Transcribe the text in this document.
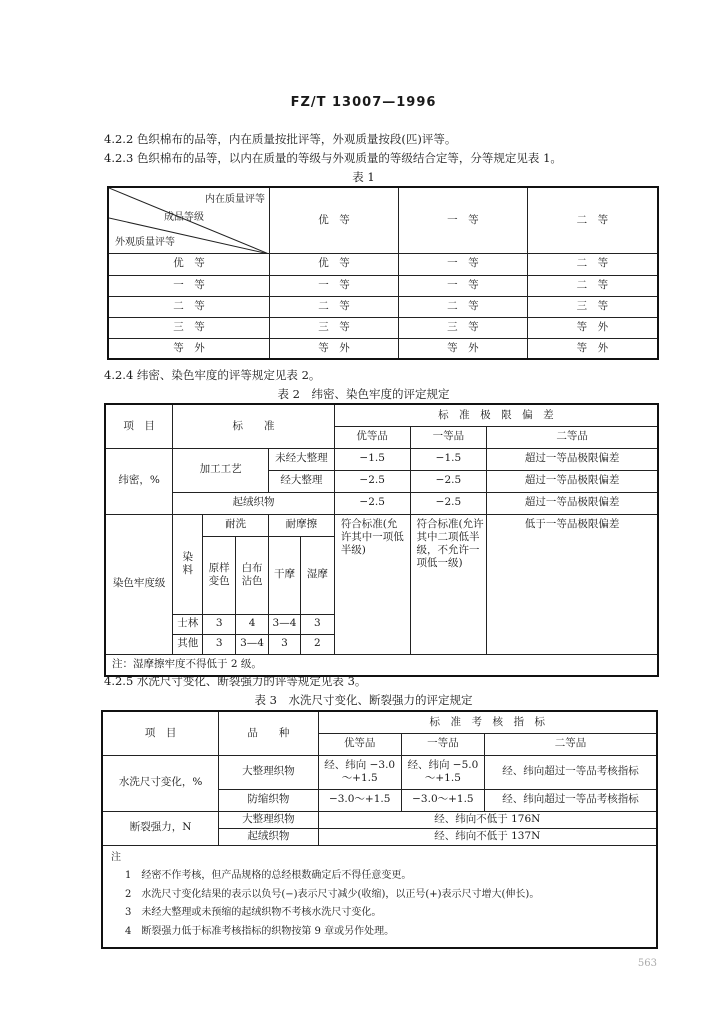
FZ/T 13007—1996
4.2.2 色织棉布的品等，内在质量按批评等，外观质量按段(匹)评等。
4.2.3 色织棉布的品等，以内在质量的等级与外观质量的等级结合定等，分等规定见表 1。
表 1
内在质量评等
成品等级
外观质量评等	优　等	一　等	二　等
优　等	优　等	一　等	二　等
一　等	一　等	一　等	二　等
二　等	二　等	二　等	三　等
三　等	三　等	三　等	等　外
等　外	等　外	等　外	等　外
4.2.4 纬密、染色牢度的评等规定见表 2。
表 2　纬密、染色牢度的评定规定
项　目	标　　准					标　准　极　限　偏　差		
						优等品	一等品	二等品
纬密，%	加工工艺			未经大整理		−1.5	−1.5	超过一等品极限偏差
				经大整理		−2.5	−2.5	超过一等品极限偏差
	起绒织物					−2.5	−2.5	超过一等品极限偏差
染色牢度级	染　料	耐洗		耐摩擦		符合标准(允许其中一项低半级)	符合标准(允许其中二项低半级，不允许一项低一级)	低于一等品极限偏差
		原样变色	白布沾色	干摩	湿摩			
	士林	3	4	3—4	3			
	其他	3	3—4	3	2			
注：湿摩擦牢度不得低于 2 级。								
4.2.5 水洗尺寸变化、断裂强力的评等规定见表 3。
表 3　水洗尺寸变化、断裂强力的评定规定
项　目	品　　种	标　准　考　核　指　标		
		优等品	一等品	二等品
水洗尺寸变化，%	大整理织物	经、纬向 −3.0～+1.5	经、纬向 −5.0～+1.5	经、纬向超过一等品考核指标
	防缩织物	−3.0～+1.5	−3.0～+1.5	经、纬向超过一等品考核指标
断裂强力，N	大整理织物	经、纬向不低于 176N		
	起绒织物	经、纬向不低于 137N		

注
1　经密不作考核，但产品规格的总经根数确定后不得任意变更。
2　水洗尺寸变化结果的表示以负号(−)表示尺寸减少(收缩)，以正号(+)表示尺寸增大(伸长)。
3　未经大整理或未预缩的起绒织物不考核水洗尺寸变化。
4　断裂强力低于标准考核指标的织物按第 9 章或另作处理。				
563
